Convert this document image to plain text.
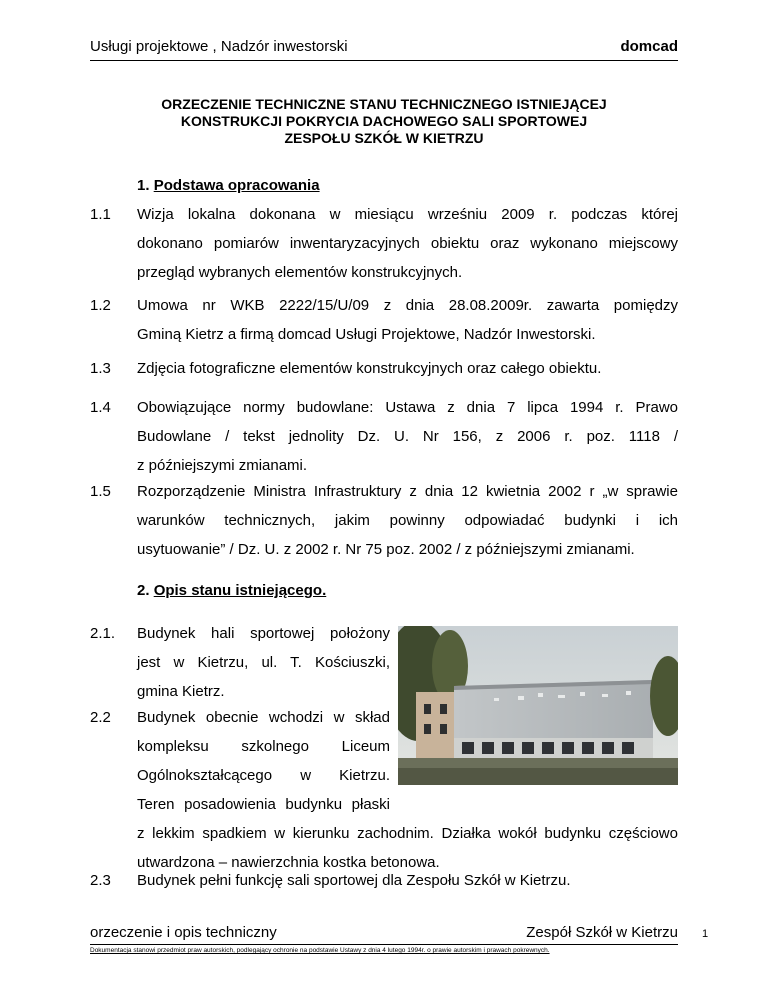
Usługi projektowe , Nadzór inwestorski	domcad
ORZECZENIE TECHNICZNE STANU TECHNICZNEGO ISTNIEJĄCEJ
KONSTRUKCJI POKRYCIA DACHOWEGO SALI SPORTOWEJ
ZESPOŁU SZKÓŁ W KIETRZU
1. Podstawa opracowania
1.1 Wizja lokalna dokonana w miesiącu wrześniu 2009 r. podczas której
dokonano pomiarów inwentaryzacyjnych obiektu oraz wykonano miejscowy
przegląd wybranych elementów konstrukcyjnych.
1.2 Umowa nr WKB 2222/15/U/09 z dnia 28.08.2009r. zawarta pomiędzy
Gminą Kietrz a firmą domcad Usługi Projektowe, Nadzór Inwestorski.
1.3 Zdjęcia fotograficzne elementów konstrukcyjnych oraz całego obiektu.
1.4 Obowiązujące normy budowlane: Ustawa z dnia 7 lipca 1994 r. Prawo
Budowlane / tekst jednolity Dz. U. Nr 156, z 2006 r. poz. 1118 /
z późniejszymi zmianami.
1.5 Rozporządzenie Ministra Infrastruktury z dnia 12 kwietnia 2002 r „w sprawie
warunków technicznych, jakim powinny odpowiadać budynki i ich
usytuowanie” / Dz. U. z 2002 r. Nr 75 poz. 2002 / z późniejszymi zmianami.
2. Opis stanu istniejącego.
2.1. Budynek hali sportowej położony
jest w Kietrzu, ul. T. Kościuszki,
gmina Kietrz.
2.2 Budynek obecnie wchodzi w skład
kompleksu szkolnego Liceum
Ogólnokształcącego w Kietrzu.
Teren posadowienia budynku płaski
z lekkim spadkiem w kierunku zachodnim. Działka wokół budynku częściowo
utwardzona – nawierzchnia kostka betonowa.
2.3 Budynek pełni funkcję sali sportowej dla Zespołu Szkół w Kietrzu.
orzeczenie i opis techniczny	Zespół Szkół w Kietrzu
Dokumentacja stanowi przedmiot praw autorskich, podlegający ochronie na podstawie Ustawy z dnia 4 lutego 1994r. o prawie autorskim i prawach pokrewnych.
1
